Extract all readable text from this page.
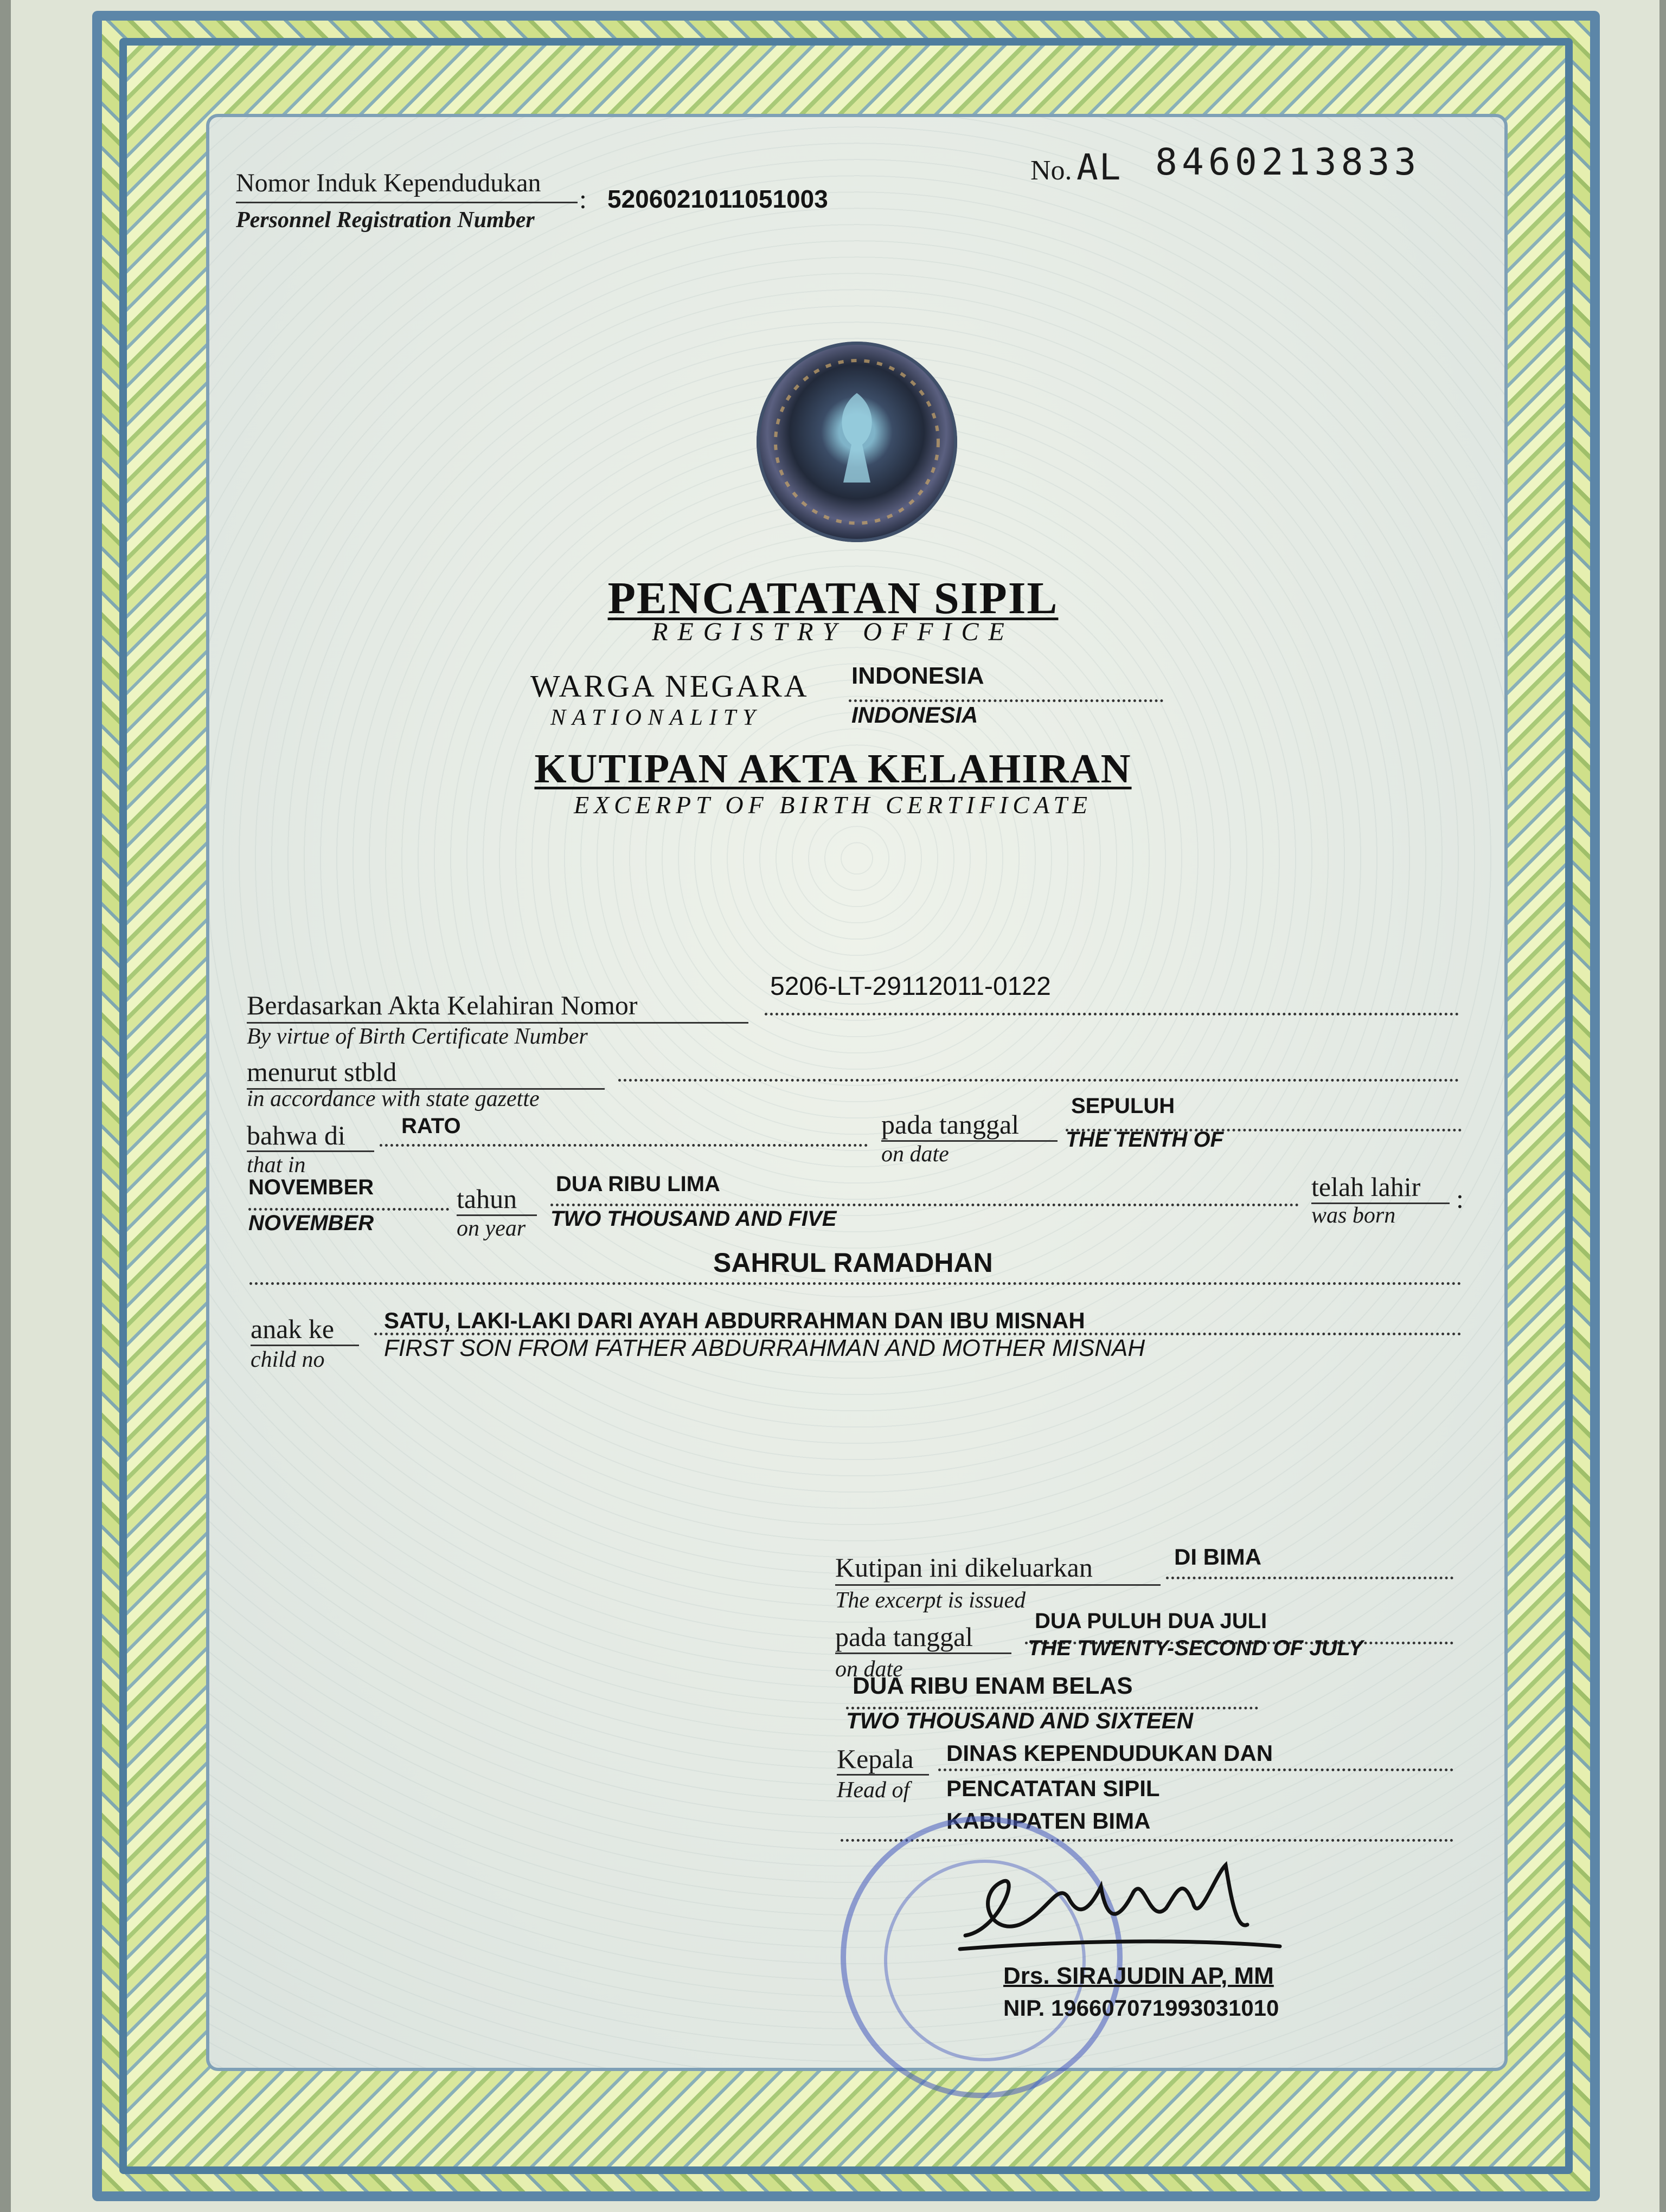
Nomor Induk Kependudukan
Personnel Registration Number
: 5206021011051003
No. AL 8460213833
PENCATATAN SIPIL
REGISTRY OFFICE
WARGA NEGARA
NATIONALITY
INDONESIA
INDONESIA
KUTIPAN AKTA KELAHIRAN
EXCERPT OF BIRTH CERTIFICATE
Berdasarkan Akta Kelahiran Nomor
By virtue of Birth Certificate Number
5206-LT-29112011-0122
menurut stbld
in accordance with state gazette
bahwa di
that in
RATO	pada tanggal
on date
SEPULUH
THE TENTH OF
NOVEMBER
NOVEMBER
tahun
on year
DUA RIBU LIMA
TWO THOUSAND AND FIVE
telah lahir
was born
:
SAHRUL RAMADHAN
anak ke
child no
SATU, LAKI-LAKI DARI AYAH ABDURRAHMAN DAN IBU MISNAH
FIRST SON FROM FATHER ABDURRAHMAN AND MOTHER MISNAH
Kutipan ini dikeluarkan
The excerpt is issued
DI BIMA
pada tanggal
on date
DUA PULUH DUA JULI
THE TWENTY-SECOND OF JULY
DUA RIBU ENAM BELAS
TWO THOUSAND AND SIXTEEN
Kepala
Head of
DINAS KEPENDUDUKAN DAN
PENCATATAN SIPIL
KABUPATEN BIMA
Drs. SIRAJUDIN AP, MM
NIP. 196607071993031010
